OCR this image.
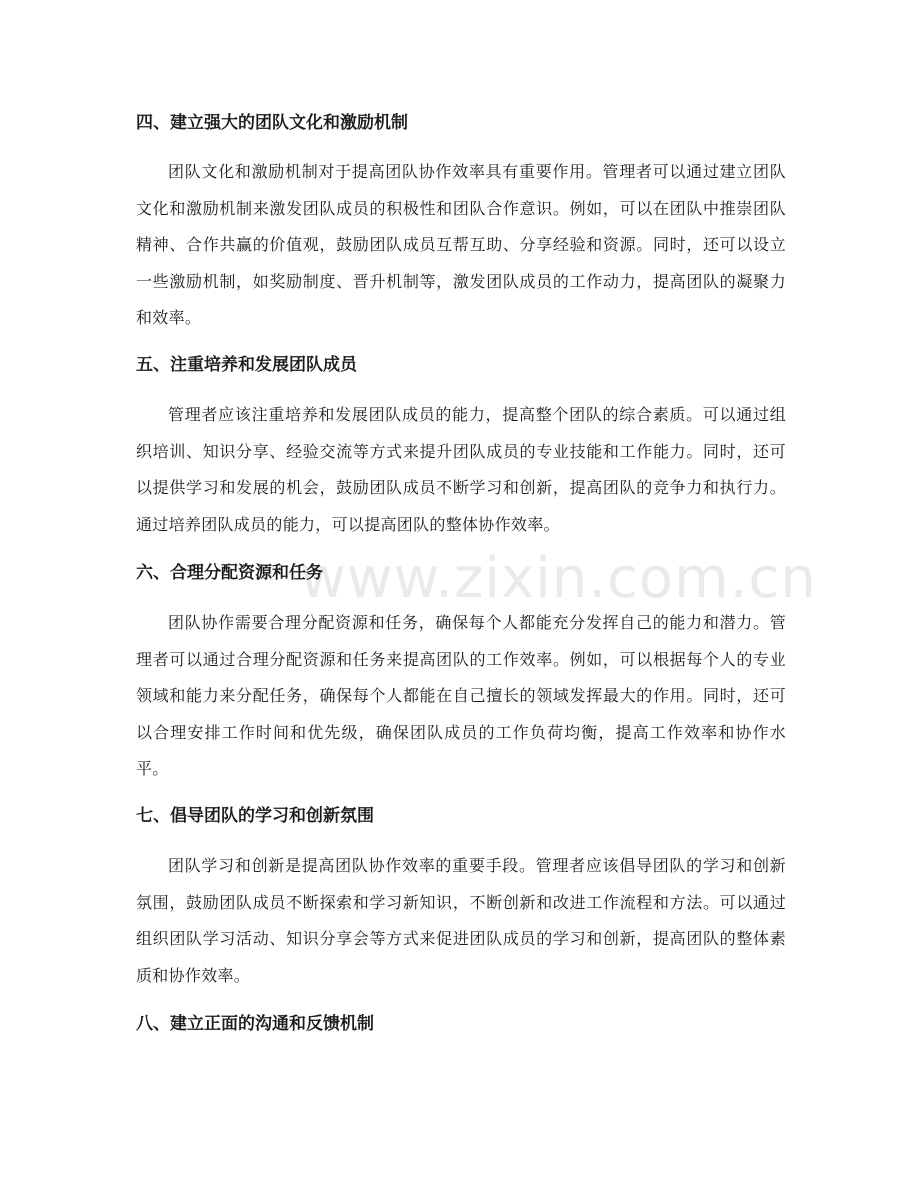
www.zixin.com.cn
四、建立强大的团队文化和激励机制

团队文化和激励机制对于提高团队协作效率具有重要作用。管理者可以通过建立团队文化和激励机制来激发团队成员的积极性和团队合作意识。例如，可以在团队中推崇团队精神、合作共赢的价值观，鼓励团队成员互帮互助、分享经验和资源。同时，还可以设立一些激励机制，如奖励制度、晋升机制等，激发团队成员的工作动力，提高团队的凝聚力和效率。

五、注重培养和发展团队成员

管理者应该注重培养和发展团队成员的能力，提高整个团队的综合素质。可以通过组织培训、知识分享、经验交流等方式来提升团队成员的专业技能和工作能力。同时，还可以提供学习和发展的机会，鼓励团队成员不断学习和创新，提高团队的竞争力和执行力。通过培养团队成员的能力，可以提高团队的整体协作效率。

六、合理分配资源和任务

团队协作需要合理分配资源和任务，确保每个人都能充分发挥自己的能力和潜力。管理者可以通过合理分配资源和任务来提高团队的工作效率。例如，可以根据每个人的专业领域和能力来分配任务，确保每个人都能在自己擅长的领域发挥最大的作用。同时，还可以合理安排工作时间和优先级，确保团队成员的工作负荷均衡，提高工作效率和协作水平。

七、倡导团队的学习和创新氛围

团队学习和创新是提高团队协作效率的重要手段。管理者应该倡导团队的学习和创新氛围，鼓励团队成员不断探索和学习新知识，不断创新和改进工作流程和方法。可以通过组织团队学习活动、知识分享会等方式来促进团队成员的学习和创新，提高团队的整体素质和协作效率。

八、建立正面的沟通和反馈机制
